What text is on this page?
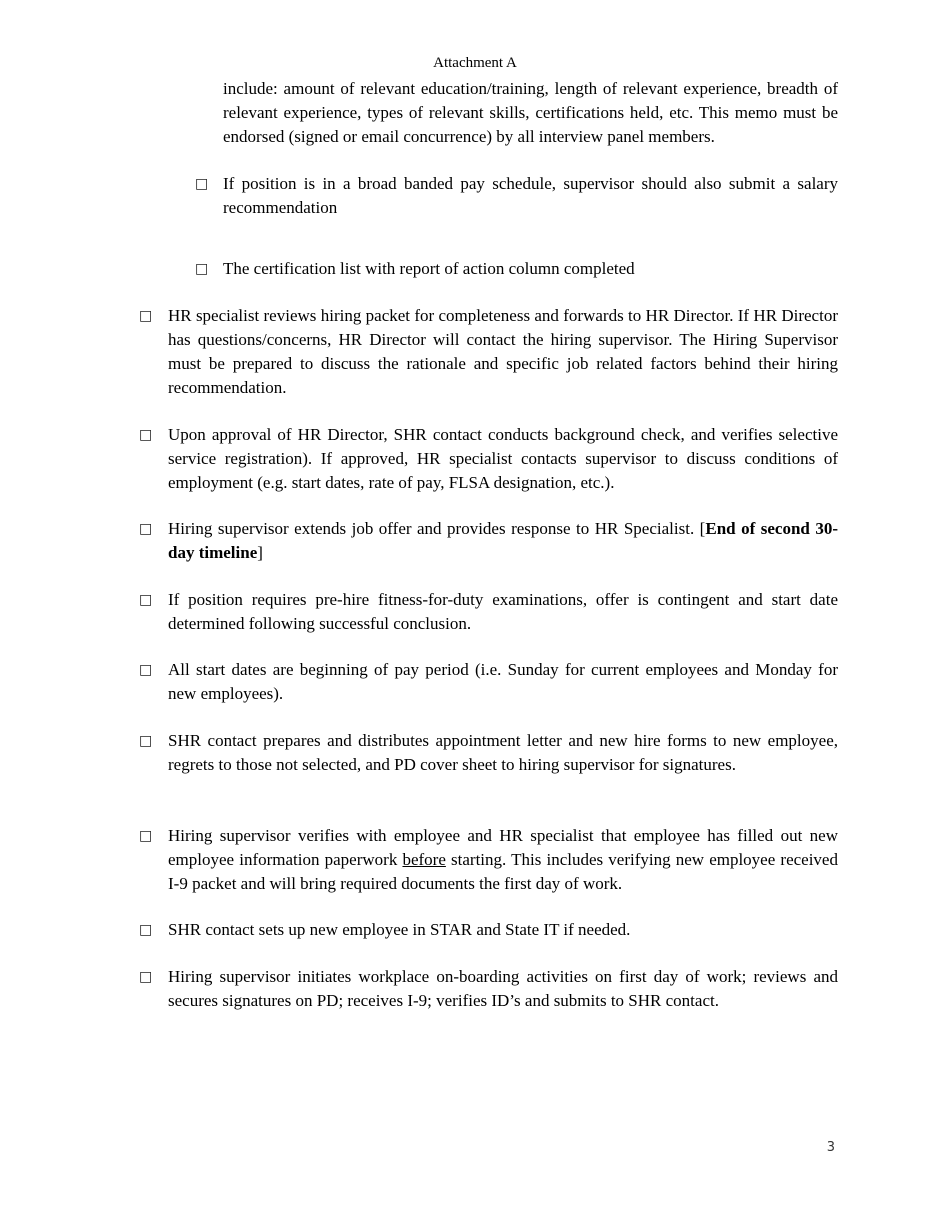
Attachment A
include: amount of relevant education/training, length of relevant experience, breadth of relevant experience, types of relevant skills, certifications held, etc. This memo must be endorsed (signed or email concurrence) by all interview panel members.
□ If position is in a broad banded pay schedule, supervisor should also submit a salary recommendation
□ The certification list with report of action column completed
□ HR specialist reviews hiring packet for completeness and forwards to HR Director. If HR Director has questions/concerns, HR Director will contact the hiring supervisor. The Hiring Supervisor must be prepared to discuss the rationale and specific job related factors behind their hiring recommendation.
□ Upon approval of HR Director, SHR contact conducts background check, and verifies selective service registration). If approved, HR specialist contacts supervisor to discuss conditions of employment (e.g. start dates, rate of pay, FLSA designation, etc.).
□ Hiring supervisor extends job offer and provides response to HR Specialist. [End of second 30-day timeline]
□ If position requires pre-hire fitness-for-duty examinations, offer is contingent and start date determined following successful conclusion.
□ All start dates are beginning of pay period (i.e. Sunday for current employees and Monday for new employees).
□ SHR contact prepares and distributes appointment letter and new hire forms to new employee, regrets to those not selected, and PD cover sheet to hiring supervisor for signatures.
□ Hiring supervisor verifies with employee and HR specialist that employee has filled out new employee information paperwork before starting. This includes verifying new employee received I-9 packet and will bring required documents the first day of work.
□ SHR contact sets up new employee in STAR and State IT if needed.
□ Hiring supervisor initiates workplace on-boarding activities on first day of work; reviews and secures signatures on PD; receives I-9; verifies ID’s and submits to SHR contact.
3
